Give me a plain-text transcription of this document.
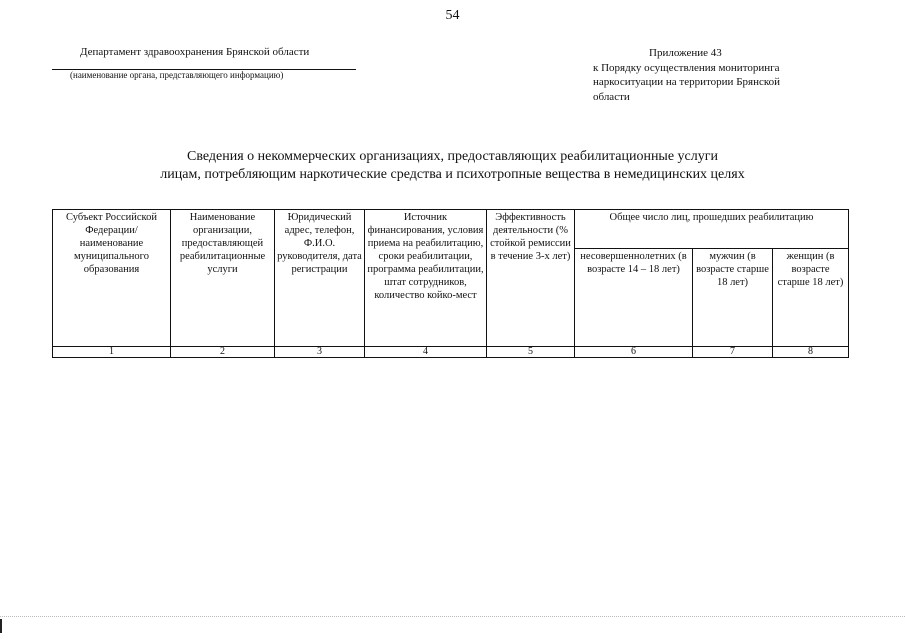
54
Департамент здравоохранения Брянской области
(наименование органа, представляющего информацию)
Приложение 43
к Порядку осуществления мониторинга
наркоситуации на территории Брянской
области
Сведения о некоммерческих организациях, предоставляющих реабилитационные услуги
лицам, потребляющим наркотические средства и психотропные вещества в немедицинских целях
Субъект Российской Федерации/ наименование муниципального образования	Наименование организации, предоставляющей реабилитационные услуги	Юридический адрес, телефон, Ф.И.О. руководителя, дата регистрации	Источник финансирования, условия приема на реабилитацию, сроки реабилитации, программа реабилитации, штат сотрудников, количество койко-мест	Эффективность деятельности (% стойкой ремиссии в течение 3-х лет)	Общее число лиц, прошедших реабилитацию		
					несовершеннолетних (в возрасте 14 – 18 лет)	мужчин (в возрасте старше 18 лет)	женщин (в возрасте старше 18 лет)
1	2	3	4	5	6	7	8
